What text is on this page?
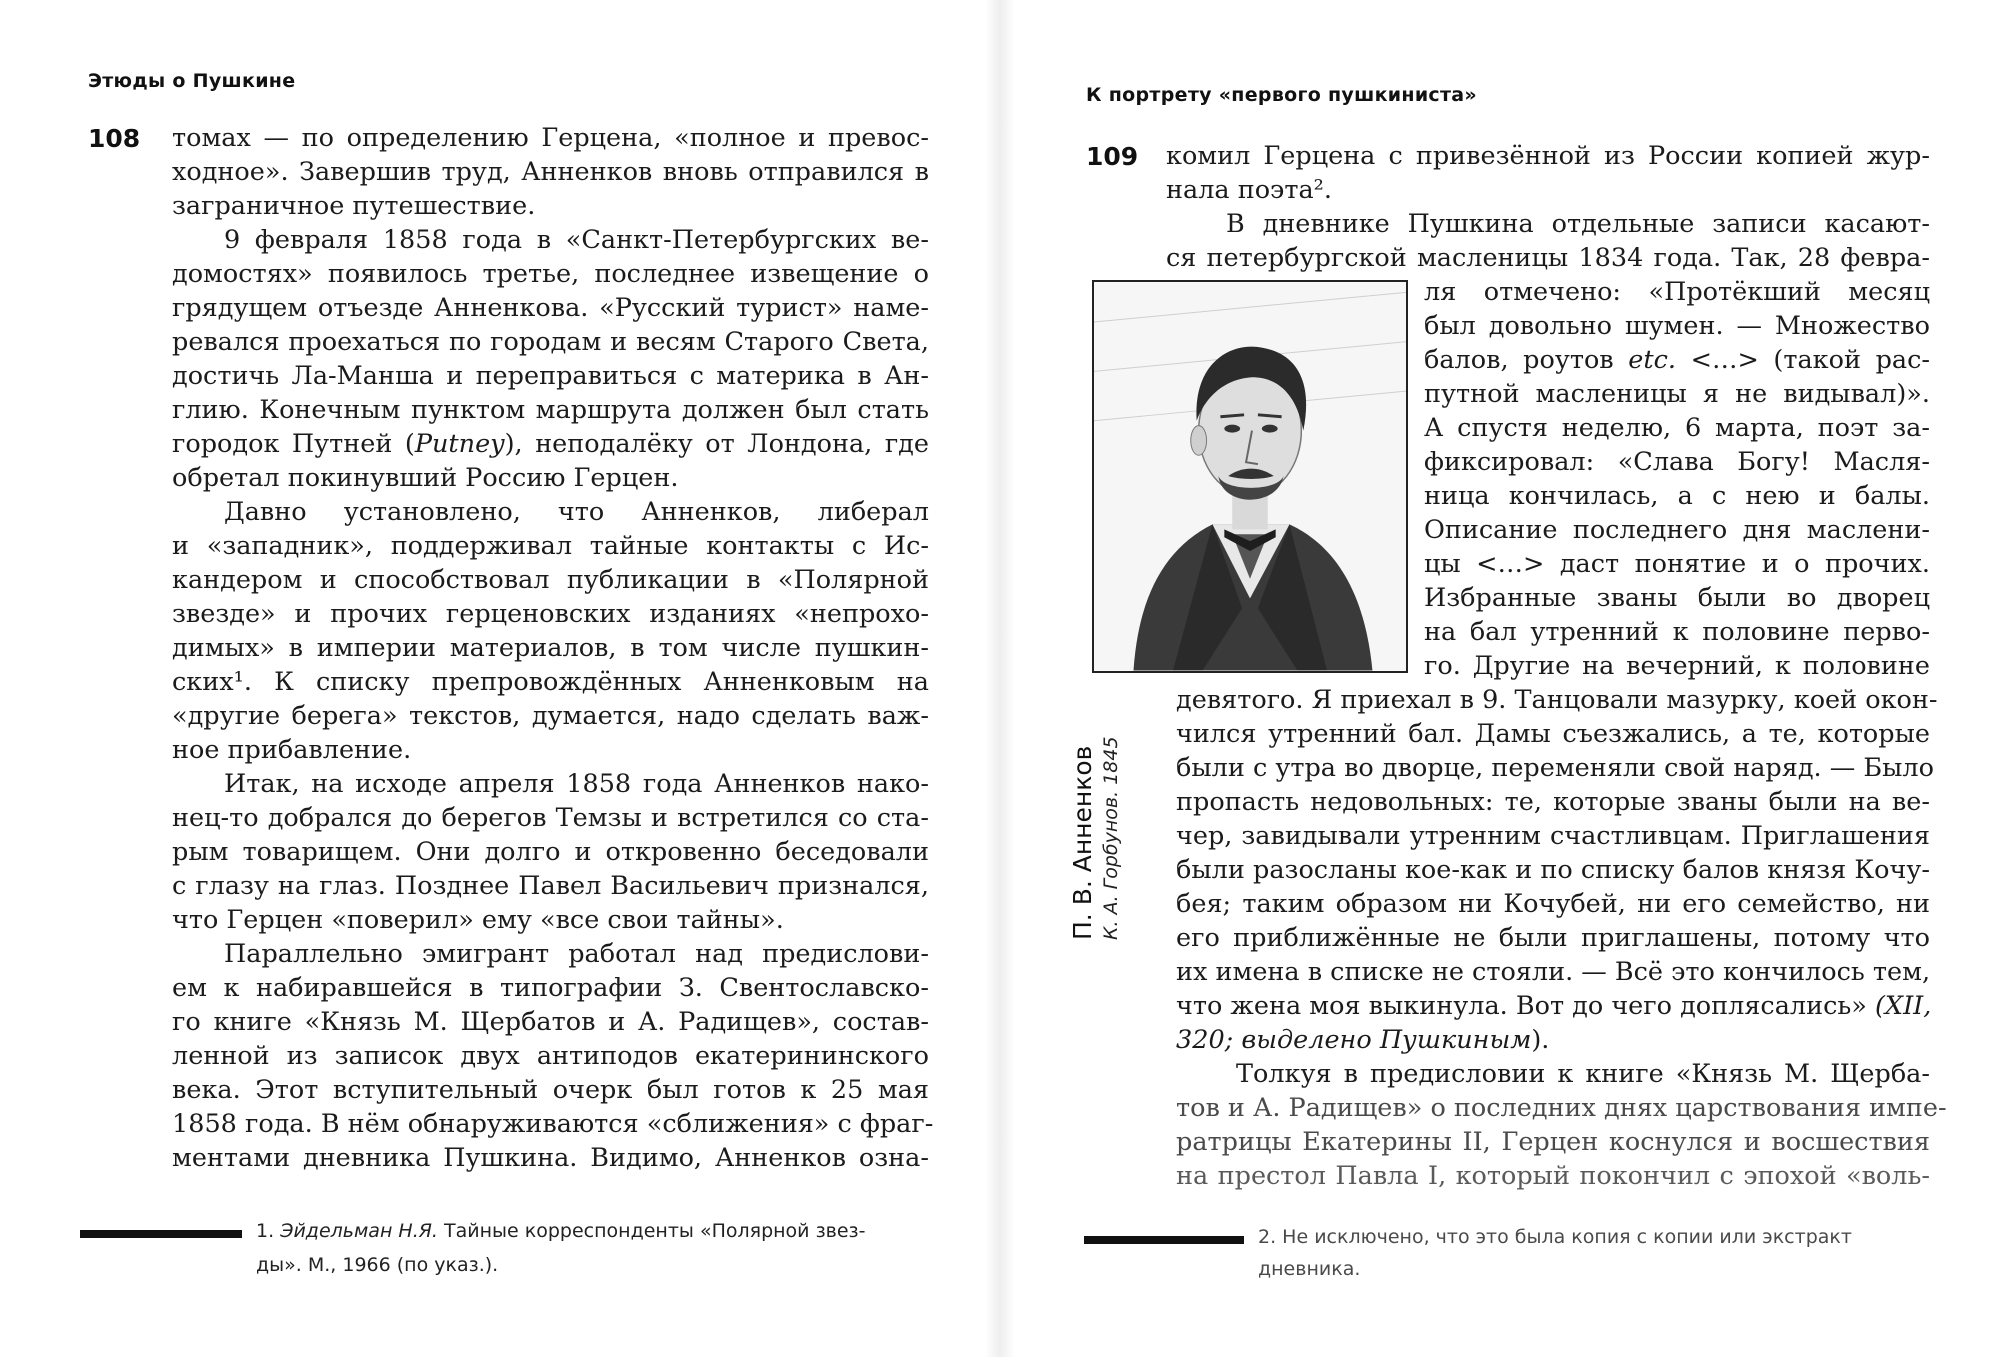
Этюды о Пушкине
108 томах — по определению Герцена, «полное и превос-
ходное». Завершив труд, Анненков вновь отправился в
заграничное путешествие.
9 февраля 1858 года в «Санкт-Петербургских ве-
домостях» появилось третье, последнее извещение о
грядущем отъезде Анненкова. «Русский турист» наме-
ревался проехаться по городам и весям Старого Света,
достичь Ла-Манша и переправиться с материка в Ан-
глию. Конечным пунктом маршрута должен был стать
городок Путней (Putney), неподалёку от Лондона, где
обретал покинувший Россию Герцен.
Давно установлено, что Анненков, либерал
и «западник», поддерживал тайные контакты с Ис-
кандером и способствовал публикации в «Полярной
звезде» и прочих герценовских изданиях «непрохо-
димых» в империи материалов, в том числе пушкин-
ских¹. К списку препровождённых Анненковым на
«другие берега» текстов, думается, надо сделать важ-
ное прибавление.
Итак, на исходе апреля 1858 года Анненков нако-
нец-то добрался до берегов Темзы и встретился со ста-
рым товарищем. Они долго и откровенно беседовали
с глазу на глаз. Позднее Павел Васильевич признался,
что Герцен «поверил» ему «все свои тайны».
Параллельно эмигрант работал над предислови-
ем к набиравшейся в типографии З. Свентославско-
го книге «Князь М. Щербатов и А. Радищев», состав-
ленной из записок двух антиподов екатерининского
века. Этот вступительный очерк был готов к 25 мая
1858 года. В нём обнаруживаются «сближения» с фраг-
ментами дневника Пушкина. Видимо, Анненков озна-
1. Эйдельман Н.Я. Тайные корреспонденты «Полярной звез-
ды». М., 1966 (по указ.).
К портрету «первого пушкиниста»
109 комил Герцена с привезённой из России копией жур-
нала поэта².
В дневнике Пушкина отдельные записи касают-
ся петербургской масленицы 1834 года. Так, 28 февра-
ля отмечено: «Протёкший месяц
был довольно шумен. — Множество
балов, роутов etc. <…> (такой рас-
путной масленицы я не видывал)».
А спустя неделю, 6 марта, поэт за-
фиксировал: «Слава Богу! Масля-
ница кончилась, а с нею и балы.
Описание последнего дня маслени-
цы <…> даст понятие и о прочих.
Избранные званы были во дворец
на бал утренний к половине перво-
го. Другие на вечерний, к половине
девятого. Я приехал в 9. Танцовали мазурку, коей окон-
чился утренний бал. Дамы съезжались, а те, которые
были с утра во дворце, переменяли свой наряд. — Было
пропасть недовольных: те, которые званы были на ве-
чер, завидывали утренним счастливцам. Приглашения
были разосланы кое-как и по списку балов князя Кочу-
бея; таким образом ни Кочубей, ни его семейство, ни
его приближённые не были приглашены, потому что
их имена в списке не стояли. — Всё это кончилось тем,
что жена моя выкинула. Вот до чего доплясались» (XII,
320; выделено Пушкиным).
Толкуя в предисловии к книге «Князь М. Щерба-
тов и А. Радищев» о последних днях царствования импе-
ратрицы Екатерины II, Герцен коснулся и восшествия
на престол Павла I, который покончил с эпохой «воль-
2. Не исключено, что это была копия с копии или экстракт
дневника.
П. В. Анненков К. А. Горбунов. 1845
